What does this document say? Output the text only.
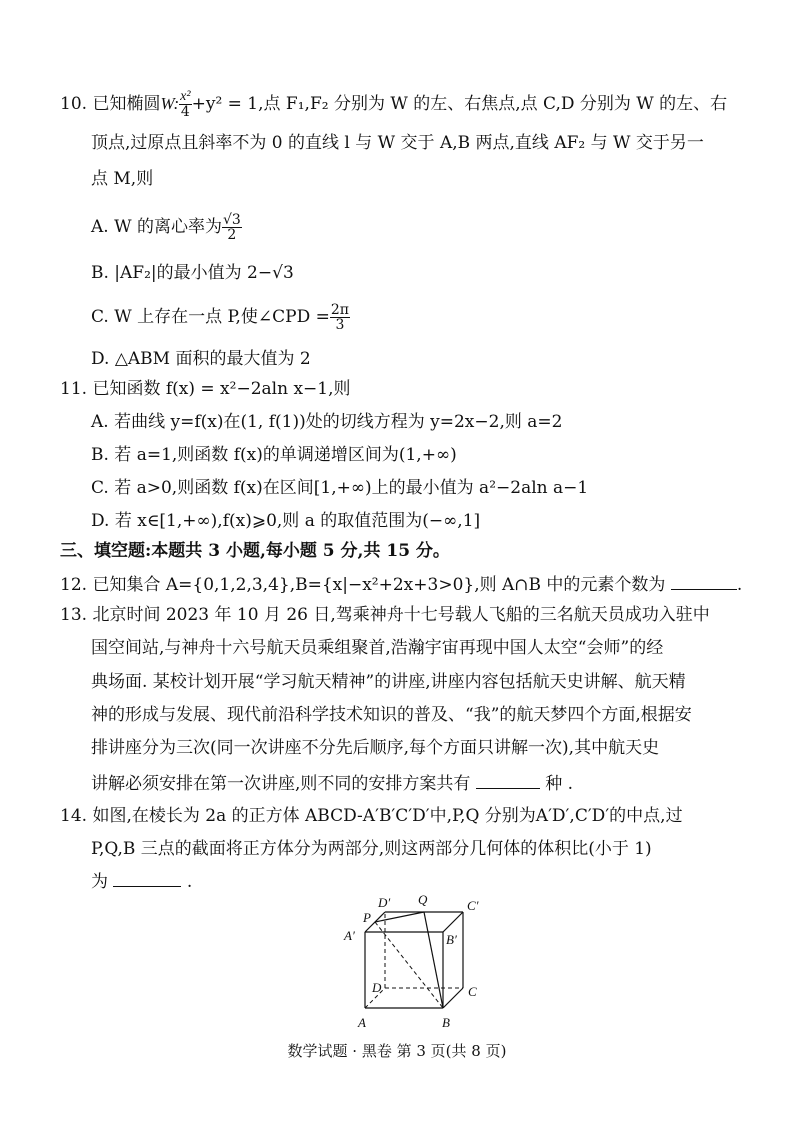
10. 已知椭圆W: $\frac{\text{x²}}{4} +y^2 = 1$,点 F₁,F₂ 分别为 W 的左、右焦点,点 C,D 分别为 W 的左、右
顶点,过原点且斜率不为 0 的直线 l 与 W 交于 A,B 两点,直线 AF₂ 与 W 交于另一
点 M,则
A. W 的离心率为 $\frac{√3}{2}$
B. |AF₂|的最小值为 2−√3
C. W 上存在一点 P,使∠CPD = $\frac{2\pi}{3}$
D. △ABM 面积的最大值为 2
11. 已知函数 f(x) = x²−2aln x−1,则
A. 若曲线 y=f(x)在(1, f(1))处的切线方程为 y=2x−2,则 a=2
B. 若 a=1,则函数 f(x)的单调递增区间为(1,+∞)
C. 若 a>0,则函数 f(x)在区间[1,+∞)上的最小值为 a²−2aln a−1
D. 若 x∈[1,+∞),f(x)⩾0,则 a 的取值范围为(−∞,1]
三、填空题:本题共 3 小题,每小题 5 分,共 15 分。
12. 已知集合 A={0,1,2,3,4},B={x|−x²+2x+3>0},则 A∩B 中的元素个数为	.
13. 北京时间 2023 年 10 月 26 日,驾乘神舟十七号载人飞船的三名航天员成功入驻中
国空间站,与神舟十六号航天员乘组聚首,浩瀚宇宙再现中国人太空“会师”的经
典场面. 某校计划开展“学习航天精神”的讲座,讲座内容包括航天史讲解、航天精
神的形成与发展、现代前沿科学技术知识的普及、“我”的航天梦四个方面,根据安
排讲座分为三次(同一次讲座不分先后顺序,每个方面只讲解一次),其中航天史
讲解必须安排在第一次讲座,则不同的安排方案共有	种 .
14. 如图,在棱长为 2a 的正方体 ABCD-A′B′C′D′中,P,Q 分别为A′D′,C′D′的中点,过
P,Q,B 三点的截面将正方体分为两部分,则这两部分几何体的体积比(小于 1)
为	.
D′ Q	C′
P
A′	B′
D	C
A	B
数学试题 · 黑卷 第 3 页(共 8 页)
